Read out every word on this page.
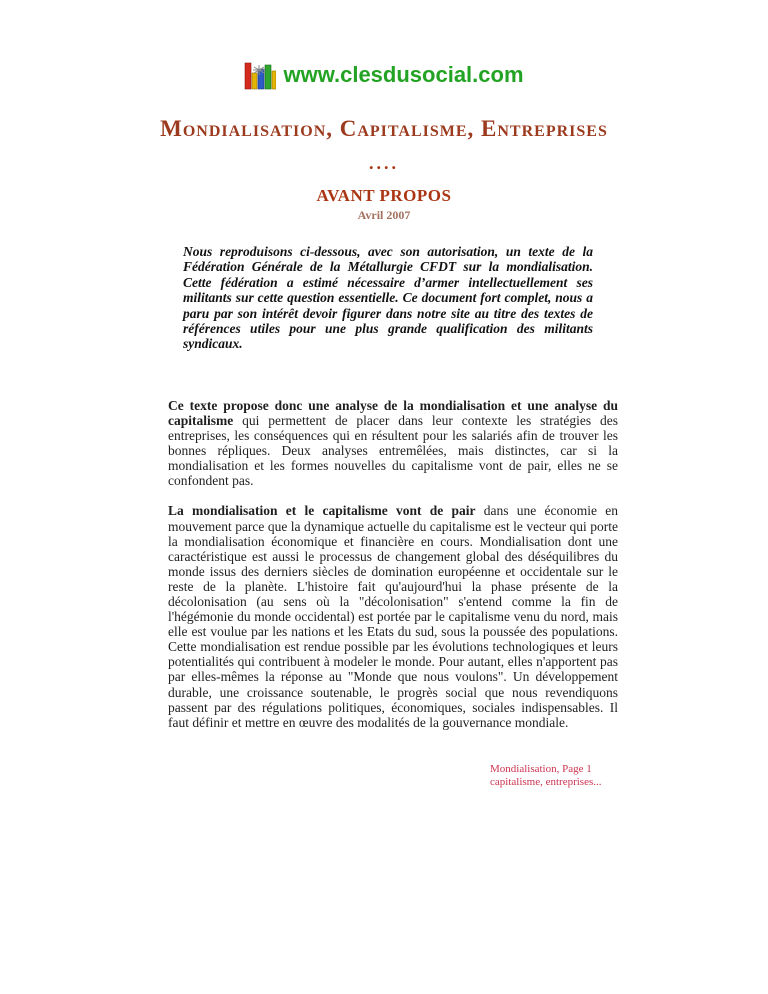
www.clesdusocial.com
Mondialisation, Capitalisme, Entreprises
....
AVANT PROPOS
Avril 2007

Nous reproduisons ci-dessous, avec son autorisation, un texte de la Fédération Générale de la Métallurgie CFDT sur la mondialisation. Cette fédération a estimé nécessaire d’armer intellectuellement ses militants sur cette question essentielle. Ce document fort complet, nous a paru par son intérêt devoir figurer dans notre site au titre des textes de références utiles pour une plus grande qualification des militants syndicaux.

Ce texte propose donc une analyse de la mondialisation et une analyse du capitalisme qui permettent de placer dans leur contexte les stratégies des entreprises, les conséquences qui en résultent pour les salariés afin de trouver les bonnes répliques. Deux analyses entremêlées, mais distinctes, car si la mondialisation et les formes nouvelles du capitalisme vont de pair, elles ne se confondent pas.

La mondialisation et le capitalisme vont de pair dans une économie en mouvement parce que la dynamique actuelle du capitalisme est le vecteur qui porte la mondialisation économique et financière en cours. Mondialisation dont une caractéristique est aussi le processus de changement global des déséquilibres du monde issus des derniers siècles de domination européenne et occidentale sur le reste de la planète. L'histoire fait qu'aujourd'hui la phase présente de la décolonisation (au sens où la "décolonisation" s'entend comme la fin de l'hégémonie du monde occidental) est portée par le capitalisme venu du nord, mais elle est voulue par les nations et les Etats du sud, sous la poussée des populations. Cette mondialisation est rendue possible par les évolutions technologiques et leurs potentialités qui contribuent à modeler le monde. Pour autant, elles n'apportent pas par elles-mêmes la réponse au "Monde que nous voulons". Un développement durable, une croissance soutenable, le progrès social que nous revendiquons passent par des régulations politiques, économiques, sociales indispensables. Il faut définir et mettre en œuvre des modalités de la gouvernance mondiale.

Mondialisation, Page 1
capitalisme, entreprises...
